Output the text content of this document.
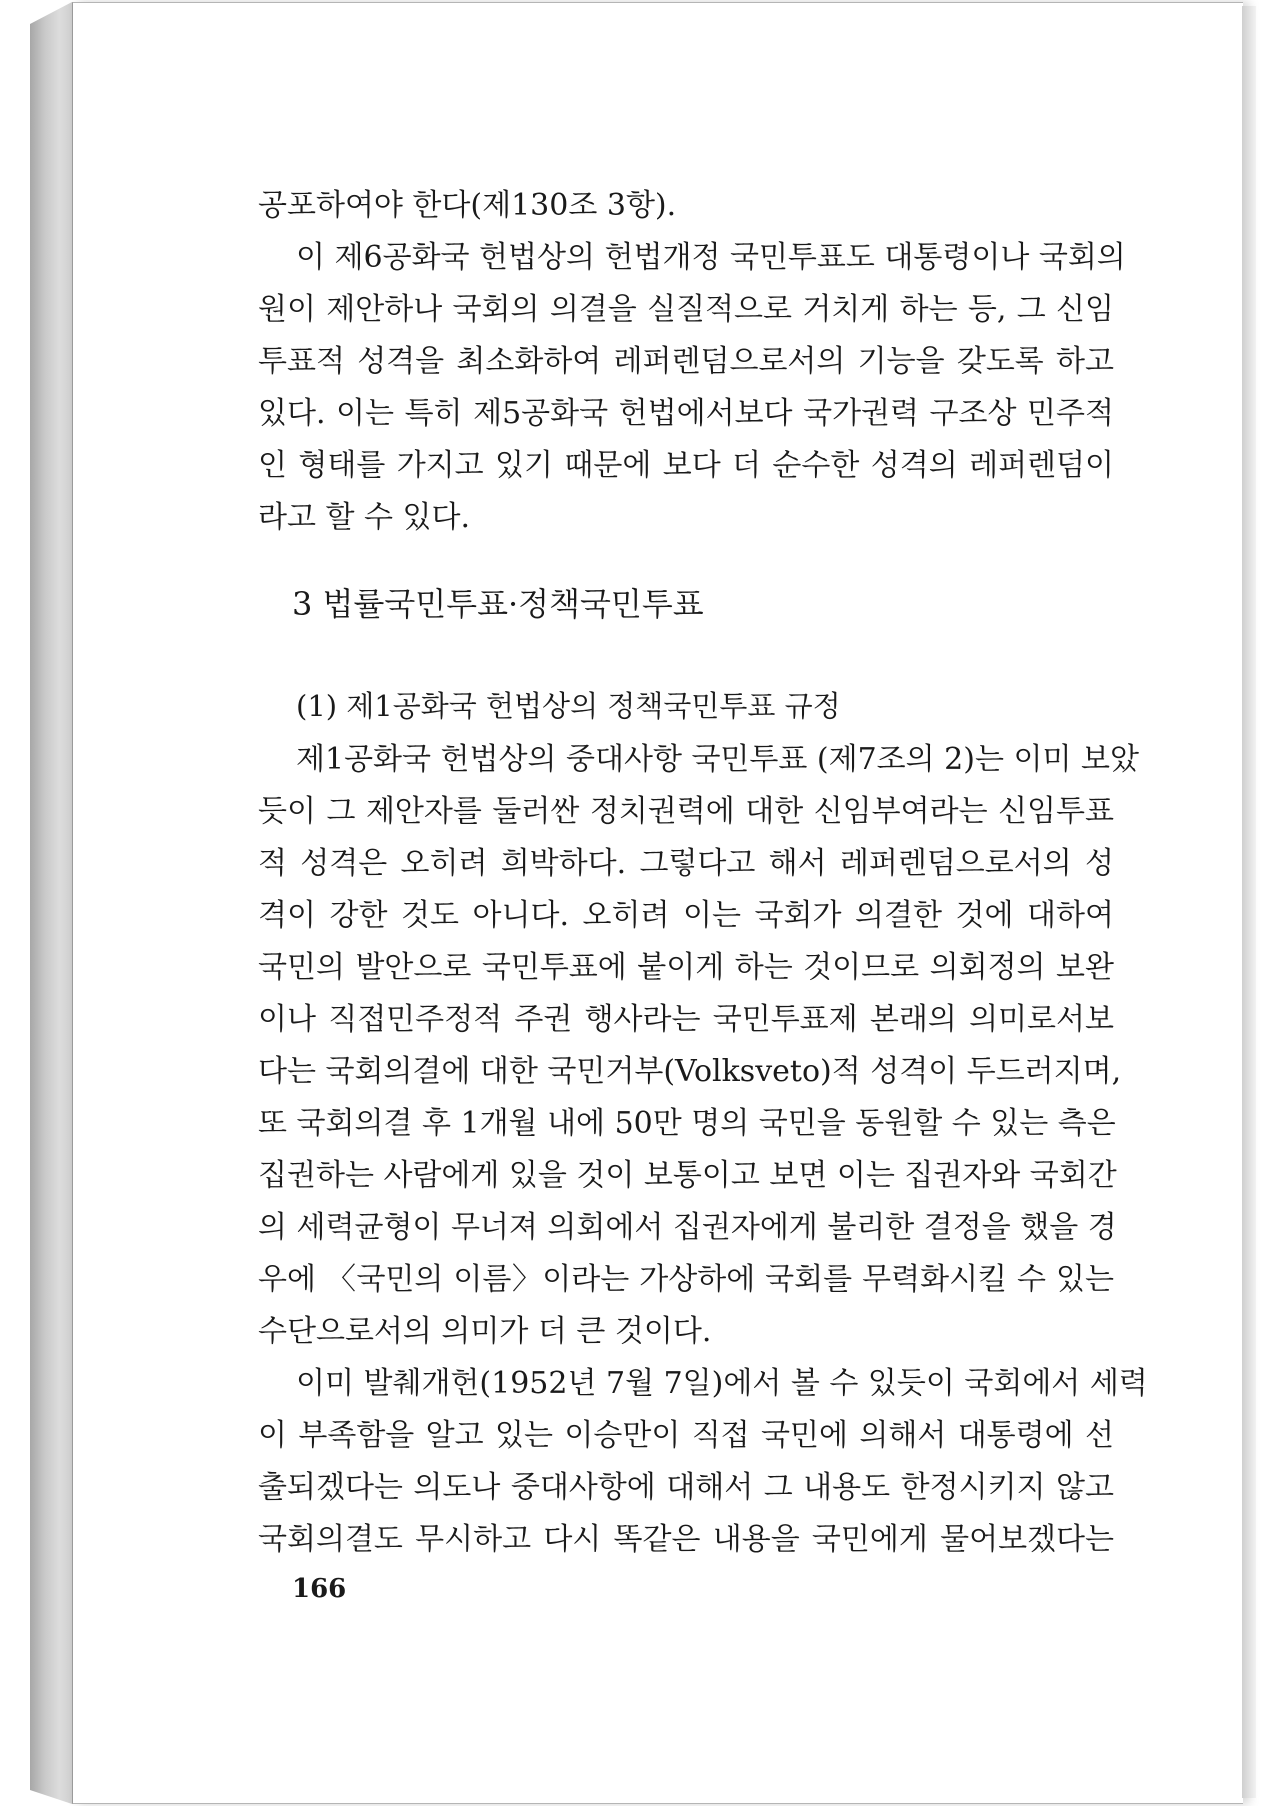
공포하여야 한다(제130조 3항).
이 제6공화국 헌법상의 헌법개정 국민투표도 대통령이나 국회의
원이 제안하나 국회의 의결을 실질적으로 거치게 하는 등, 그 신임
투표적 성격을 최소화하여 레퍼렌덤으로서의 기능을 갖도록 하고
있다. 이는 특히 제5공화국 헌법에서보다 국가권력 구조상 민주적
인 형태를 가지고 있기 때문에 보다 더 순수한 성격의 레퍼렌덤이
라고 할 수 있다.
3 법률국민투표·정책국민투표
(1) 제1공화국 헌법상의 정책국민투표 규정
제1공화국 헌법상의 중대사항 국민투표 (제7조의 2)는 이미 보았
듯이 그 제안자를 둘러싼 정치권력에 대한 신임부여라는 신임투표
적 성격은 오히려 희박하다. 그렇다고 해서 레퍼렌덤으로서의 성
격이 강한 것도 아니다. 오히려 이는 국회가 의결한 것에 대하여
국민의 발안으로 국민투표에 붙이게 하는 것이므로 의회정의 보완
이나 직접민주정적 주권 행사라는 국민투표제 본래의 의미로서보
다는 국회의결에 대한 국민거부(Volksveto)적 성격이 두드러지며,
또 국회의결 후 1개월 내에 50만 명의 국민을 동원할 수 있는 측은
집권하는 사람에게 있을 것이 보통이고 보면 이는 집권자와 국회간
의 세력균형이 무너져 의회에서 집권자에게 불리한 결정을 했을 경
우에 〈국민의 이름〉이라는 가상하에 국회를 무력화시킬 수 있는
수단으로서의 의미가 더 큰 것이다.
이미 발췌개헌(1952년 7월 7일)에서 볼 수 있듯이 국회에서 세력
이 부족함을 알고 있는 이승만이 직접 국민에 의해서 대통령에 선
출되겠다는 의도나 중대사항에 대해서 그 내용도 한정시키지 않고
국회의결도 무시하고 다시 똑같은 내용을 국민에게 물어보겠다는
166
